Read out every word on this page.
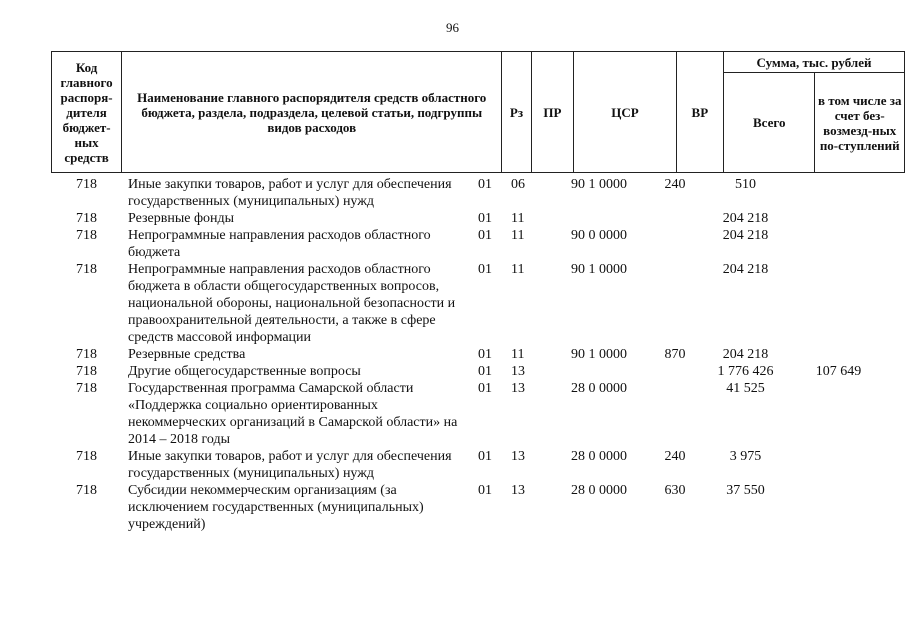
96
Код главного распоря-дителя бюджет-ных средств	Наименование главного распорядителя средств областного бюджета, раздела, подраздела, целевой статьи, подгруппы видов расходов	Рз	ПР	ЦСР	ВР	Сумма, тыс. рублей	
						Всего	в том числе за счет без-возмезд-ных по-ступлений
718	Иные закупки товаров, работ и услуг для обеспечения государственных (муниципальных) нужд	01	06	90 1 0000	240	510	
718	Резервные фонды	01	11			204 218	
718	Непрограммные направления расходов областного бюджета	01	11	90 0 0000		204 218	
718	Непрограммные направления расходов областного бюджета в области общегосударственных вопросов, национальной обороны, национальной безопасности и правоохранительной деятельности, а также в сфере средств массовой информации	01	11	90 1 0000		204 218	
718	Резервные средства	01	11	90 1 0000	870	204 218	
718	Другие общегосударственные вопросы	01	13			1 776 426	107 649
718	Государственная программа Самарской области «Поддержка социально ориентированных некоммерческих организаций в Самарской области» на 2014 – 2018 годы	01	13	28 0 0000		41 525	
718	Иные закупки товаров, работ и услуг для обеспечения государственных (муниципальных) нужд	01	13	28 0 0000	240	3 975	
718	Субсидии некоммерческим организациям (за исключением государственных (муниципальных) учреждений)	01	13	28 0 0000	630	37 550	
